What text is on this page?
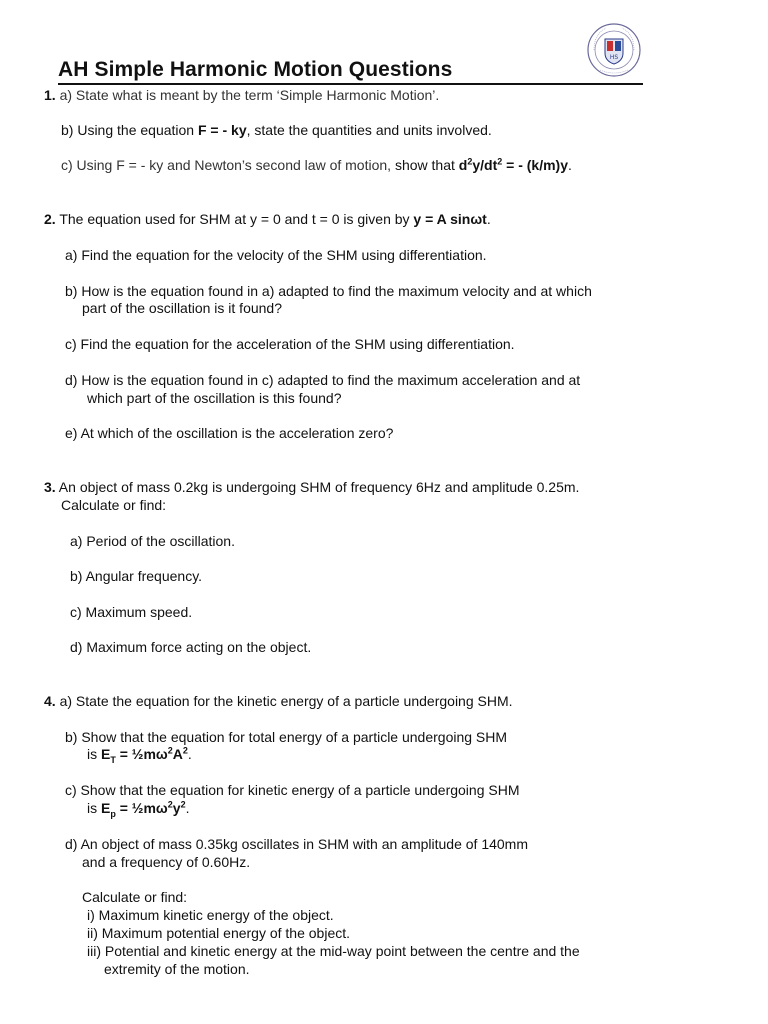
HS
AH Simple Harmonic Motion Questions
1. a) State what is meant by the term ‘Simple Harmonic Motion’.
b) Using the equation F = - ky, state the quantities and units involved.
c) Using F = - ky and Newton’s second law of motion, show that $d^2y/dt^2$ = - (k/m)y.
2. The equation used for SHM at y = 0 and t = 0 is given by y = A sinωt.
a) Find the equation for the velocity of the SHM using differentiation.
b) How is the equation found in a) adapted to find the maximum velocity and at which
part of the oscillation is it found?
c) Find the equation for the acceleration of the SHM using differentiation.
d) How is the equation found in c) adapted to find the maximum acceleration and at
which part of the oscillation is this found?
e) At which of the oscillation is the acceleration zero?
3. An object of mass 0.2kg is undergoing SHM of frequency 6Hz and amplitude 0.25m.
Calculate or find:
a) Period of the oscillation.
b) Angular frequency.
c) Maximum speed.
d) Maximum force acting on the object.
4. a) State the equation for the kinetic energy of a particle undergoing SHM.
b) Show that the equation for total energy of a particle undergoing SHM
is $E_T$ = $\frac{1}{2}m\omega^2A^2$.
c) Show that the equation for kinetic energy of a particle undergoing SHM
is $E_p$ = $\frac{1}{2}m\omega^2y^2$.
d) An object of mass 0.35kg oscillates in SHM with an amplitude of 140mm
and a frequency of 0.60Hz.
Calculate or find:
i) Maximum kinetic energy of the object.
ii) Maximum potential energy of the object.
iii) Potential and kinetic energy at the mid-way point between the centre and the
extremity of the motion.
